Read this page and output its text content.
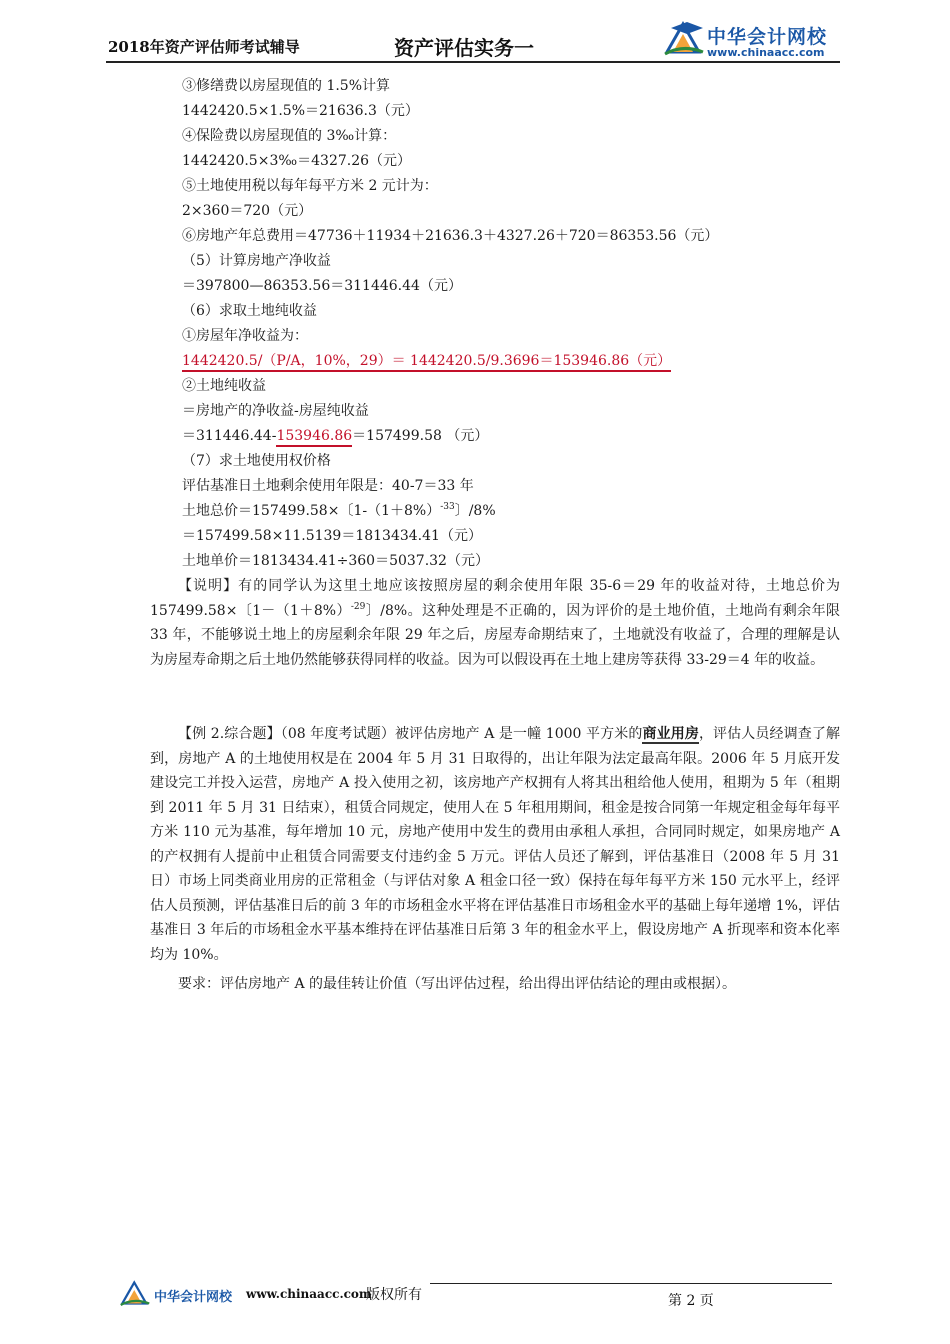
2018年资产评估师考试辅导	资产评估实务一	中华会计网校
www.chinaacc.com
③修缮费以房屋现值的 1.5%计算
1442420.5×1.5%＝21636.3（元）
④保险费以房屋现值的 3‰计算：
1442420.5×3‰＝4327.26（元）
⑤土地使用税以每年每平方米 2 元计为：
2×360＝720（元）
⑥房地产年总费用＝47736＋11934＋21636.3＋4327.26＋720＝86353.56（元）
（5）计算房地产净收益
＝397800—86353.56＝311446.44（元）
（6）求取土地纯收益
①房屋年净收益为：
1442420.5/（P/A，10%，29）＝ 1442420.5/9.3696＝153946.86（元）
②土地纯收益
＝房地产的净收益-房屋纯收益
＝311446.44-153946.86＝157499.58 （元）
（7）求土地使用权价格
评估基准日土地剩余使用年限是：40-7＝33 年
土地总价＝157499.58×〔$1-(1+8\%)^{-33}$〕/8%
＝157499.58×11.5139＝1813434.41（元）
土地单价＝1813434.41÷360＝5037.32（元）
【说明】有的同学认为这里土地应该按照房屋的剩余使用年限 35-6＝29 年的收益对待，土地总价为 157499.58×〔$1-(1+8\%)^{-29}$〕/8%。这种处理是不正确的，因为评价的是土地价值，土地尚有剩余年限 33 年，不能够说土地上的房屋剩余年限 29 年之后，房屋寿命期结束了，土地就没有收益了，合理的理解是认为房屋寿命期之后土地仍然能够获得同样的收益。因为可以假设再在土地上建房等获得 33-29＝4 年的收益。
【例 2.综合题】（08 年度考试题）被评估房地产 A 是一幢 1000 平方米的商业用房，评估人员经调查了解到，房地产 A 的土地使用权是在 2004 年 5 月 31 日取得的，出让年限为法定最高年限。2006 年 5 月底开发建设完工并投入运营，房地产 A 投入使用之初，该房地产产权拥有人将其出租给他人使用，租期为 5 年（租期到 2011 年 5 月 31 日结束），租赁合同规定，使用人在 5 年租用期间，租金是按合同第一年规定租金每年每平方米 110 元为基准，每年增加 10 元，房地产使用中发生的费用由承租人承担，合同同时规定，如果房地产 A 的产权拥有人提前中止租赁合同需要支付违约金 5 万元。评估人员还了解到，评估基准日（2008 年 5 月 31 日）市场上同类商业用房的正常租金（与评估对象 A 租金口径一致）保持在每年每平方米 150 元水平上，经评估人员预测，评估基准日后的前 3 年的市场租金水平将在评估基准日市场租金水平的基础上每年递增 1%，评估基准日 3 年后的市场租金水平基本维持在评估基准日后第 3 年的租金水平上，假设房地产 A 折现率和资本化率均为 10%。
要求：评估房地产 A 的最佳转让价值（写出评估过程，给出得出评估结论的理由或根据）。
中华会计网校 www.chinaacc.com
版权所有	第 2 页
